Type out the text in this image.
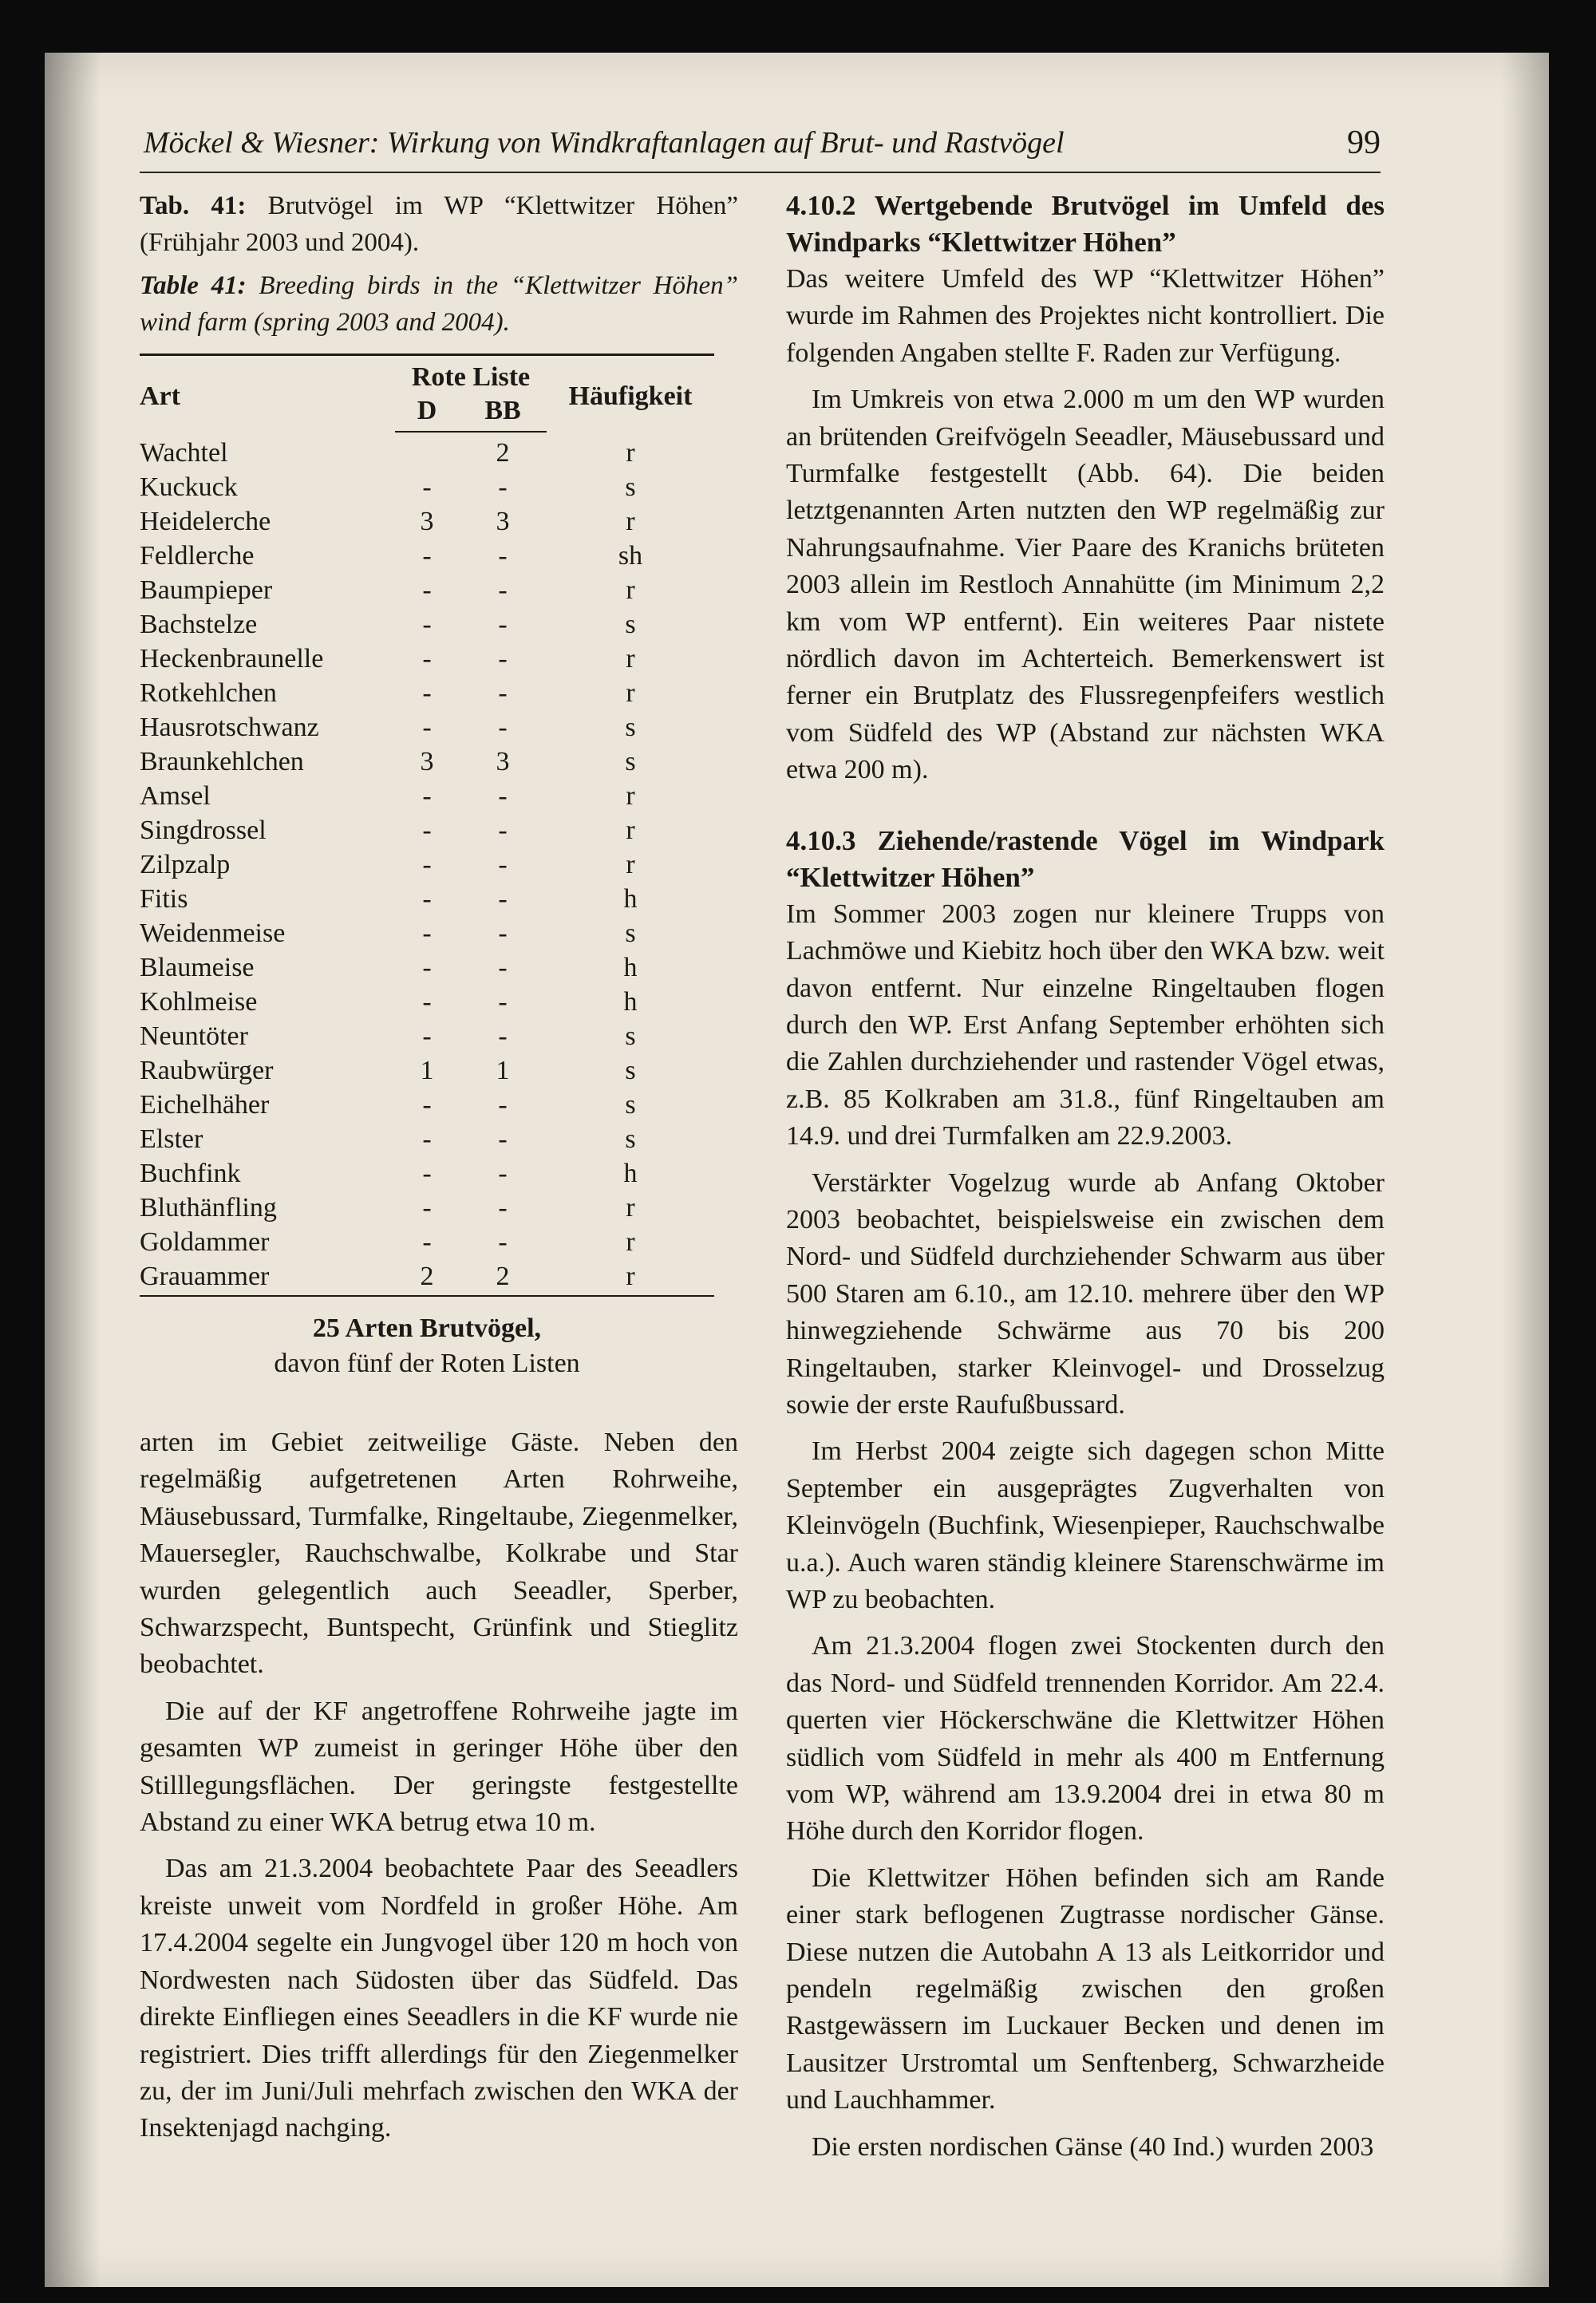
Möckel & Wiesner: Wirkung von Windkraftanlagen auf Brut- und Rastvögel	99

Tab. 41: Brutvögel im WP “Klettwitzer Höhen” (Frühjahr 2003 und 2004).

Table 41: Breeding birds in the “Klettwitzer Höhen” wind farm (spring 2003 and 2004).

Art	Rote Liste		Häufigkeit
	D	BB	
Wachtel		2	r
Kuckuck	-	-	s
Heidelerche	3	3	r
Feldlerche	-	-	sh
Baumpieper	-	-	r
Bachstelze	-	-	s
Heckenbraunelle	-	-	r
Rotkehlchen	-	-	r
Hausrotschwanz	-	-	s
Braunkehlchen	3	3	s
Amsel	-	-	r
Singdrossel	-	-	r
Zilpzalp	-	-	r
Fitis	-	-	h
Weidenmeise	-	-	s
Blaumeise	-	-	h
Kohlmeise	-	-	h
Neuntöter	-	-	s
Raubwürger	1	1	s
Eichelhäher	-	-	s
Elster	-	-	s
Buchfink	-	-	h
Bluthänfling	-	-	r
Goldammer	-	-	r
Grauammer	2	2	r
25 Arten Brutvögel,
davon fünf der Roten Listen

arten im Gebiet zeitweilige Gäste. Neben den regelmäßig aufgetretenen Arten Rohrweihe, Mäusebussard, Turmfalke, Ringeltaube, Ziegenmelker, Mauersegler, Rauchschwalbe, Kolkrabe und Star wurden gelegentlich auch Seeadler, Sperber, Schwarzspecht, Buntspecht, Grünfink und Stieglitz beobachtet.

Die auf der KF angetroffene Rohrweihe jagte im gesamten WP zumeist in geringer Höhe über den Stilllegungsflächen. Der geringste festgestellte Abstand zu einer WKA betrug etwa 10 m.

Das am 21.3.2004 beobachtete Paar des Seeadlers kreiste unweit vom Nordfeld in großer Höhe. Am 17.4.2004 segelte ein Jungvogel über 120 m hoch von Nordwesten nach Südosten über das Südfeld. Das direkte Einfliegen eines Seeadlers in die KF wurde nie registriert. Dies trifft allerdings für den Ziegenmelker zu, der im Juni/Juli mehrfach zwischen den WKA der Insektenjagd nachging.

4.10.2 Wertgebende Brutvögel im Umfeld des Windparks “Klettwitzer Höhen”

Das weitere Umfeld des WP “Klettwitzer Höhen” wurde im Rahmen des Projektes nicht kontrolliert. Die folgenden Angaben stellte F. Raden zur Verfügung.

Im Umkreis von etwa 2.000 m um den WP wurden an brütenden Greifvögeln Seeadler, Mäusebussard und Turmfalke festgestellt (Abb. 64). Die beiden letztgenannten Arten nutzten den WP regelmäßig zur Nahrungsaufnahme. Vier Paare des Kranichs brüteten 2003 allein im Restloch Annahütte (im Minimum 2,2 km vom WP entfernt). Ein weiteres Paar nistete nördlich davon im Achterteich. Bemerkenswert ist ferner ein Brutplatz des Flussregenpfeifers westlich vom Südfeld des WP (Abstand zur nächsten WKA etwa 200 m).

4.10.3 Ziehende/rastende Vögel im Windpark “Klettwitzer Höhen”

Im Sommer 2003 zogen nur kleinere Trupps von Lachmöwe und Kiebitz hoch über den WKA bzw. weit davon entfernt. Nur einzelne Ringeltauben flogen durch den WP. Erst Anfang September erhöhten sich die Zahlen durchziehender und rastender Vögel etwas, z.B. 85 Kolkraben am 31.8., fünf Ringeltauben am 14.9. und drei Turmfalken am 22.9.2003.

Verstärkter Vogelzug wurde ab Anfang Oktober 2003 beobachtet, beispielsweise ein zwischen dem Nord- und Südfeld durchziehender Schwarm aus über 500 Staren am 6.10., am 12.10. mehrere über den WP hinwegziehende Schwärme aus 70 bis 200 Ringeltauben, starker Kleinvogel- und Drosselzug sowie der erste Raufußbussard.

Im Herbst 2004 zeigte sich dagegen schon Mitte September ein ausgeprägtes Zugverhalten von Kleinvögeln (Buchfink, Wiesenpieper, Rauchschwalbe u.a.). Auch waren ständig kleinere Starenschwärme im WP zu beobachten.

Am 21.3.2004 flogen zwei Stockenten durch den das Nord- und Südfeld trennenden Korridor. Am 22.4. querten vier Höckerschwäne die Klettwitzer Höhen südlich vom Südfeld in mehr als 400 m Entfernung vom WP, während am 13.9.2004 drei in etwa 80 m Höhe durch den Korridor flogen.

Die Klettwitzer Höhen befinden sich am Rande einer stark beflogenen Zugtrasse nordischer Gänse. Diese nutzen die Autobahn A 13 als Leitkorridor und pendeln regelmäßig zwischen den großen Rastgewässern im Luckauer Becken und denen im Lausitzer Urstromtal um Senftenberg, Schwarzheide und Lauchhammer.

Die ersten nordischen Gänse (40 Ind.) wurden 2003
